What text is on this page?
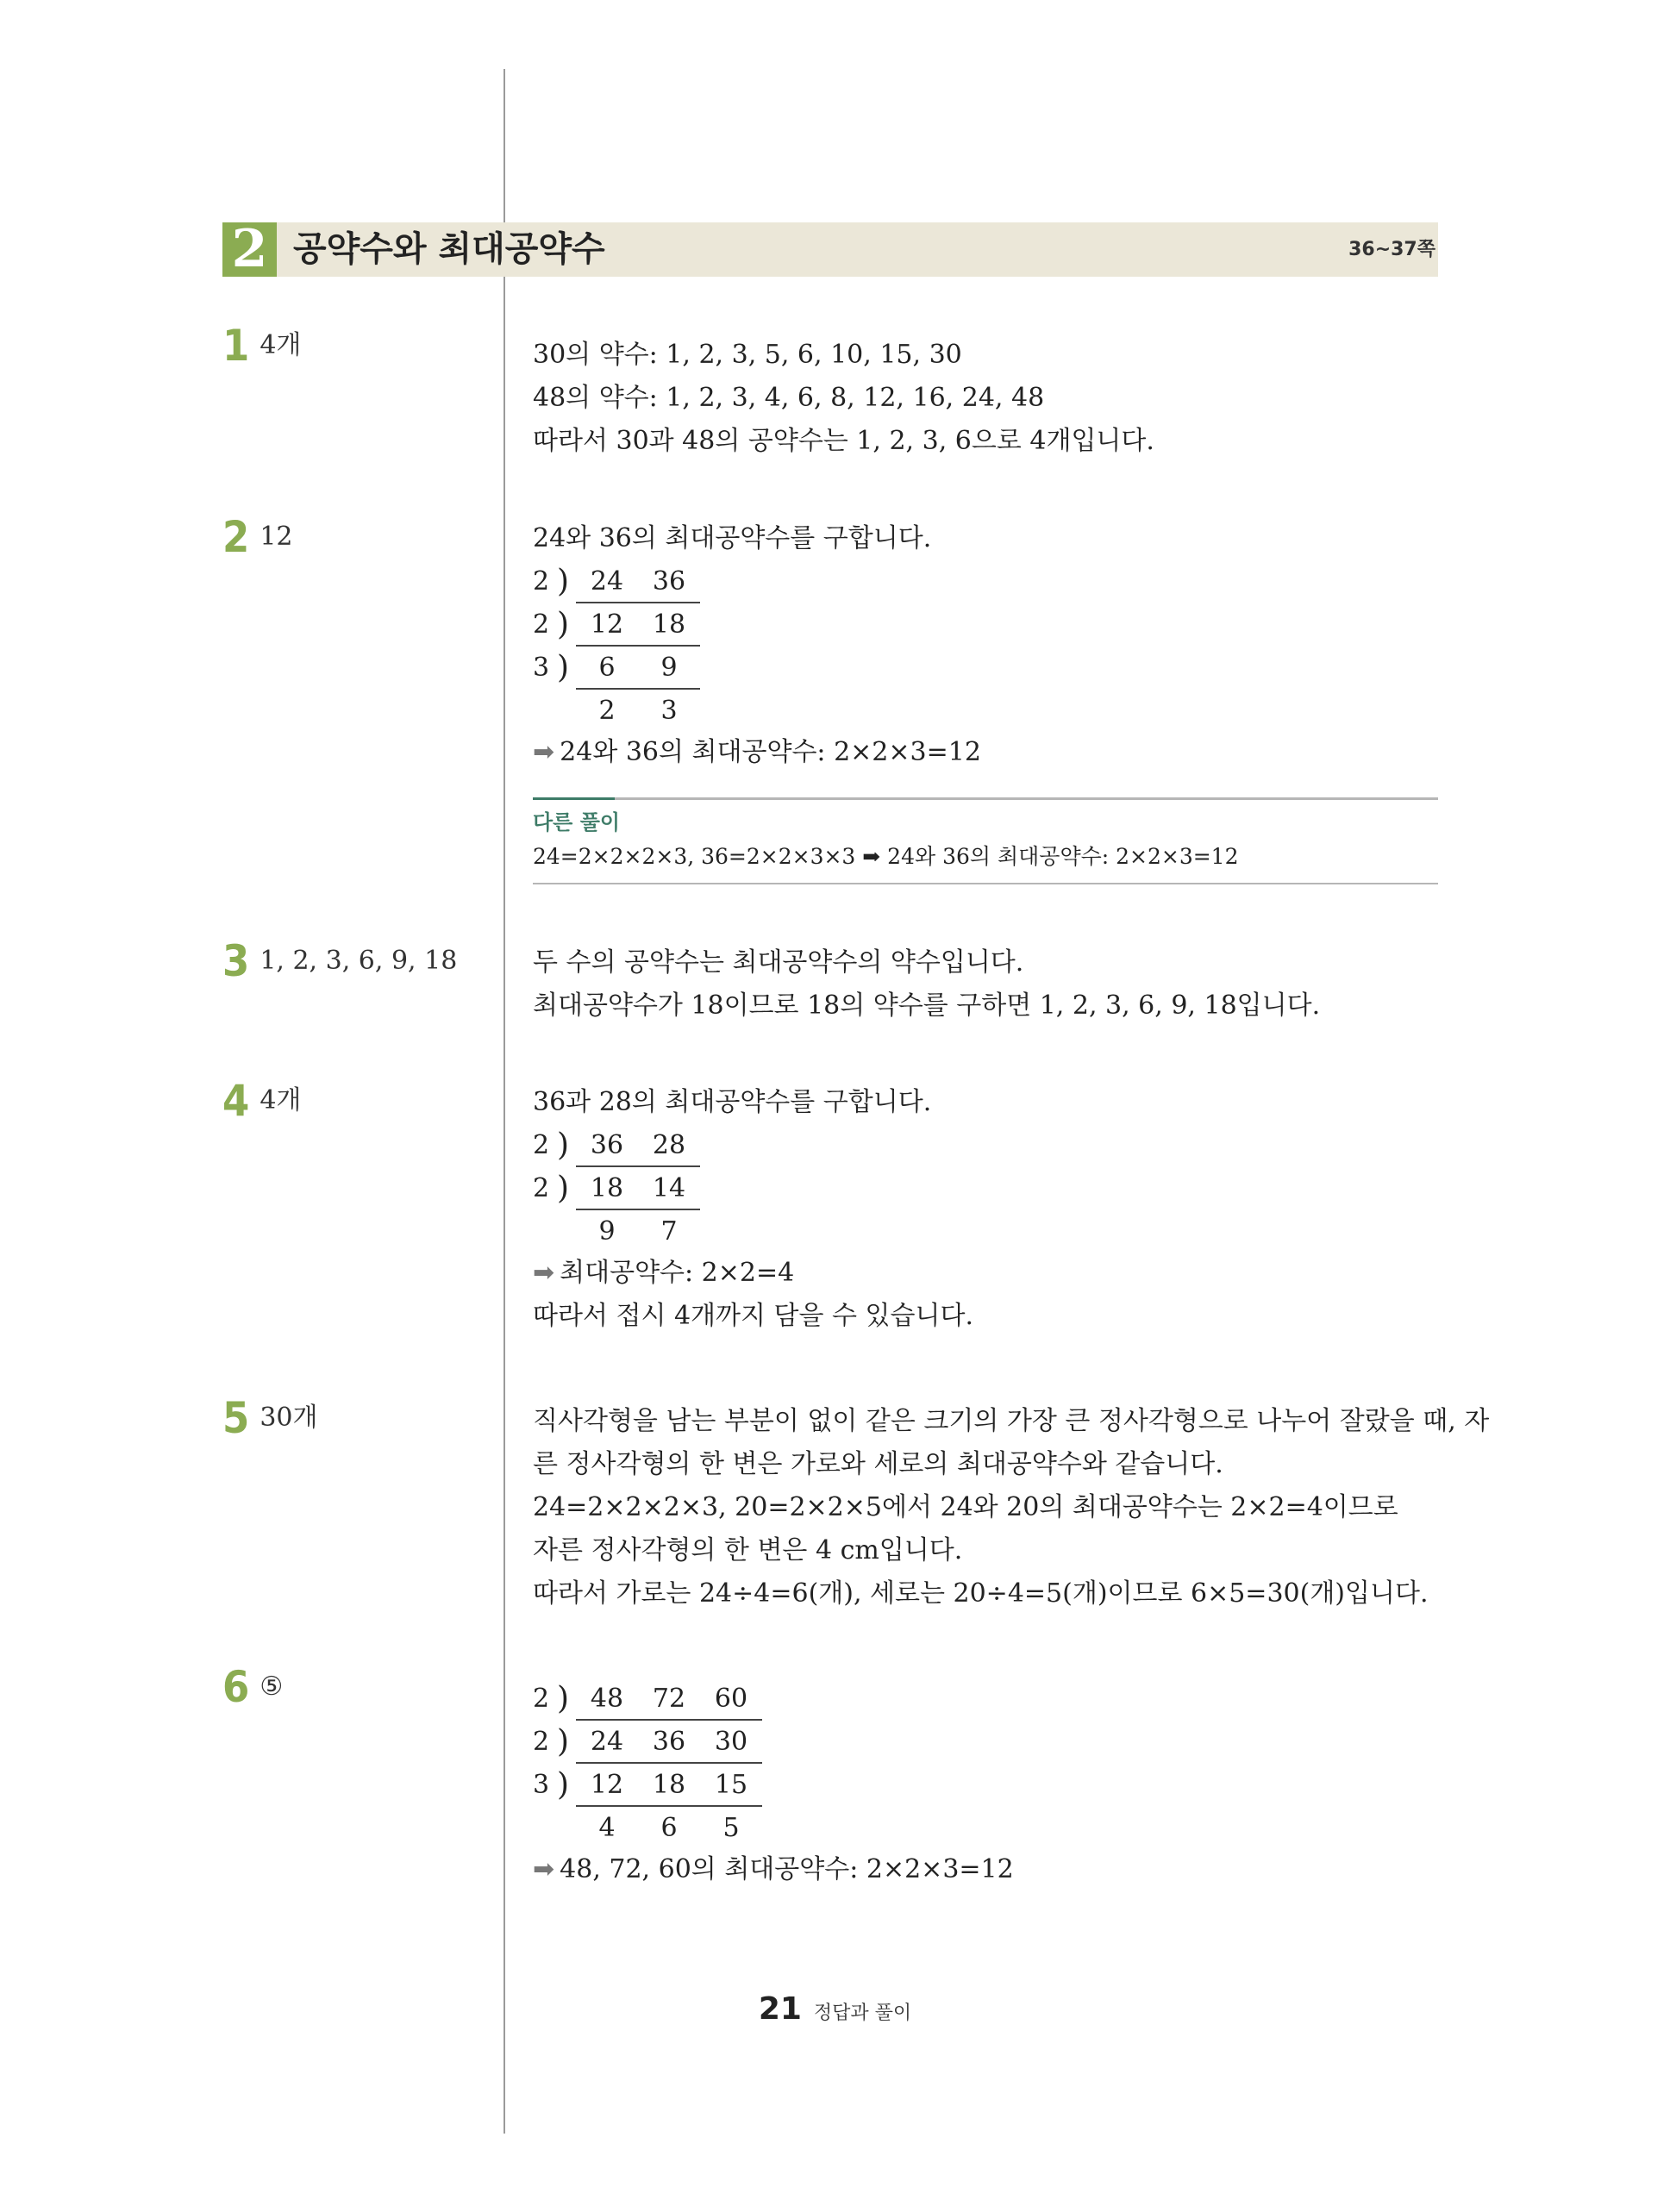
2 공약수와 최대공약수	36~37쪽
1 4개	30의 약수: 1, 2, 3, 5, 6, 10, 15, 30
48의 약수: 1, 2, 3, 4, 6, 8, 12, 16, 24, 48
따라서 30과 48의 공약수는 1, 2, 3, 6으로 4개입니다.
2 12	24와 36의 최대공약수를 구합니다.
2	)	24	36
2	)	12	18
3	)	6	9
		2	3
➡ 24와 36의 최대공약수: 2×2×3=12
다른 풀이
24=2×2×2×3, 36=2×2×3×3 ➡ 24와 36의 최대공약수: 2×2×3=12
3 1, 2, 3, 6, 9, 18	두 수의 공약수는 최대공약수의 약수입니다.
최대공약수가 18이므로 18의 약수를 구하면 1, 2, 3, 6, 9, 18입니다.
4 4개	36과 28의 최대공약수를 구합니다.
2	)	36	28
2	)	18	14
		9	7
➡ 최대공약수: 2×2=4
따라서 접시 4개까지 담을 수 있습니다.
5 30개	직사각형을 남는 부분이 없이 같은 크기의 가장 큰 정사각형으로 나누어 잘랐을 때, 자
른 정사각형의 한 변은 가로와 세로의 최대공약수와 같습니다.
24=2×2×2×3, 20=2×2×5에서 24와 20의 최대공약수는 2×2=4이므로
자른 정사각형의 한 변은 4 cm입니다.
따라서 가로는 24÷4=6(개), 세로는 20÷4=5(개)이므로 6×5=30(개)입니다.
6 ⑤	2	)	48	72	60
2	)	24	36	30
3	)	12	18	15
		4	6	5
➡ 48, 72, 60의 최대공약수: 2×2×3=12
21 정답과 풀이
